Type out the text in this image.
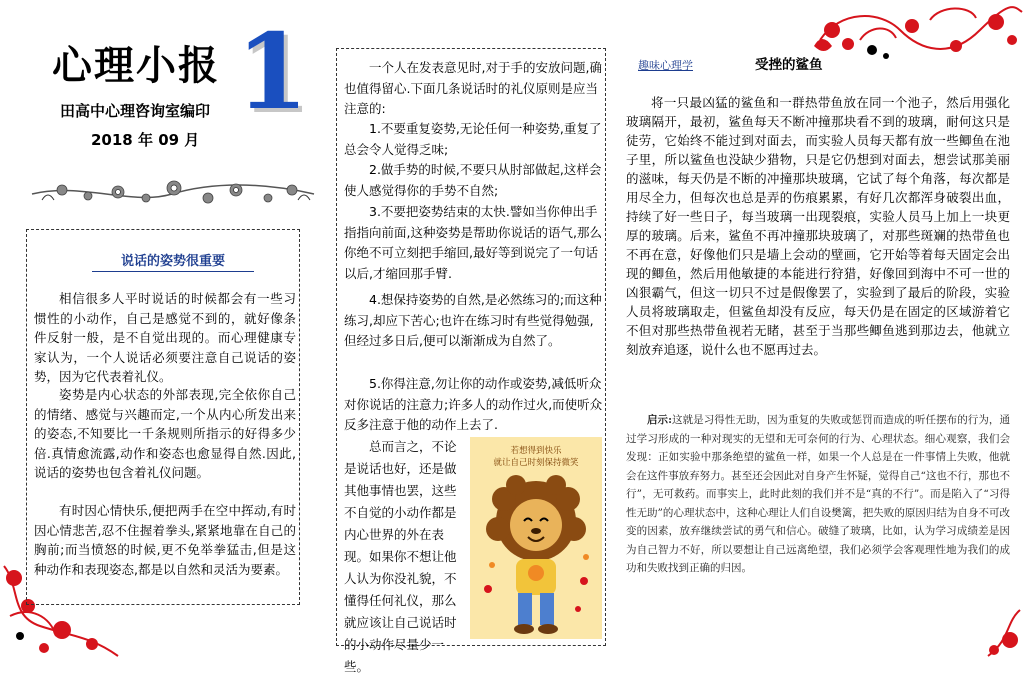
心理小报 1
田高中心理咨询室编印
2018 年 09 月
说话的姿势很重要

相信很多人平时说话的时候都会有一些习惯性的小动作，自己是感觉不到的，就好像条件反射一般，是不自觉出现的。而心理健康专家认为，一个人说话必须要注意自己说话的姿势，因为它代表着礼仪。

姿势是内心状态的外部表现,完全依你自己的情绪、感觉与兴趣而定,一个从内心所发出来的姿态,不知要比一千条规则所指示的好得多少倍.真情愈流露,动作和姿态也愈显得自然.因此,说话的姿势也包含着礼仪问题。

有时因心情快乐,便把两手在空中挥动,有时因心情悲苦,忍不住握着拳头,紧紧地靠在自己的胸前;而当愤怒的时候,更不免举拳猛击,但是这种动作和表现姿态,都是以自然和灵活为要素。

一个人在发表意见时,对于手的安放问题,确也值得留心.下面几条说话时的礼仪原则是应当注意的:

1.不要重复姿势,无论任何一种姿势,重复了总会令人觉得乏味;

2.做手势的时候,不要只从肘部做起,这样会使人感觉得你的手势不自然;

3.不要把姿势结束的太快.譬如当你伸出手指指向前面,这种姿势是帮助你说话的语气,那么你绝不可立刻把手缩回,最好等到说完了一句话以后,才缩回那手臂.

4.想保持姿势的自然,是必然练习的;而这种练习,却应下苦心;也许在练习时有些觉得勉强,但经过多日后,便可以渐渐成为自然了。

5.你得注意,勿让你的动作或姿势,减低听众对你说话的注意力;许多人的动作过火,而使听众反多注意于他的动作上去了.

总而言之，不论是说话也好，还是做其他事情也罢，这些不自觉的小动作都是内心世界的外在表现。如果你不想让他人认为你没礼貌，不懂得任何礼仪，那么就应该让自己说话时的小动作尽量少一些。

若想得到快乐
就让自己时刻保持微笑
趣味心理学	受挫的鲨鱼

将一只最凶猛的鲨鱼和一群热带鱼放在同一个池子，然后用强化玻璃隔开，最初，鲨鱼每天不断冲撞那块看不到的玻璃，耐何这只是徒劳，它始终不能过到对面去，而实验人员每天都有放一些鲫鱼在池子里，所以鲨鱼也没缺少猎物，只是它仍想到对面去，想尝试那美丽的滋味，每天仍是不断的冲撞那块玻璃，它试了每个角落，每次都是用尽全力，但每次也总是弄的伤痕累累，有好几次都浑身破裂出血，持续了好一些日子，每当玻璃一出现裂痕，实验人员马上加上一块更厚的玻璃。后来，鲨鱼不再冲撞那块玻璃了，对那些斑斓的热带鱼也不再在意，好像他们只是墙上会动的壁画，它开始等着每天固定会出现的鲫鱼，然后用他敏捷的本能进行狩猎，好像回到海中不可一世的凶狠霸气，但这一切只不过是假像罢了，实验到了最后的阶段，实验人员将玻璃取走，但鲨鱼却没有反应，每天仍是在固定的区域游着它不但对那些热带鱼视若无睹，甚至于当那些鲫鱼逃到那边去，他就立刻放弃追逐，说什么也不愿再过去。

启示:这就是习得性无助，因为重复的失败或惩罚而造成的听任摆布的行为，通过学习形成的一种对现实的无望和无可奈何的行为、心理状态。细心观察，我们会发现：正如实验中那条绝望的鲨鱼一样，如果一个人总是在一件事情上失败，他就会在这件事放弃努力。甚至还会因此对自身产生怀疑，觉得自己“这也不行，那也不行”，无可救药。而事实上，此时此刻的我们并不是“真的不行”。而是陷入了“习得性无助”的心理状态中，这种心理让人们自设樊篱，把失败的原因归结为自身不可改变的因素，放弃继续尝试的勇气和信心。破缝了玻璃，比如，认为学习成绩差是因为自己智力不好，所以要想让自己远离绝望，我们必须学会客观理性地为我们的成功和失败找到正确的归因。
